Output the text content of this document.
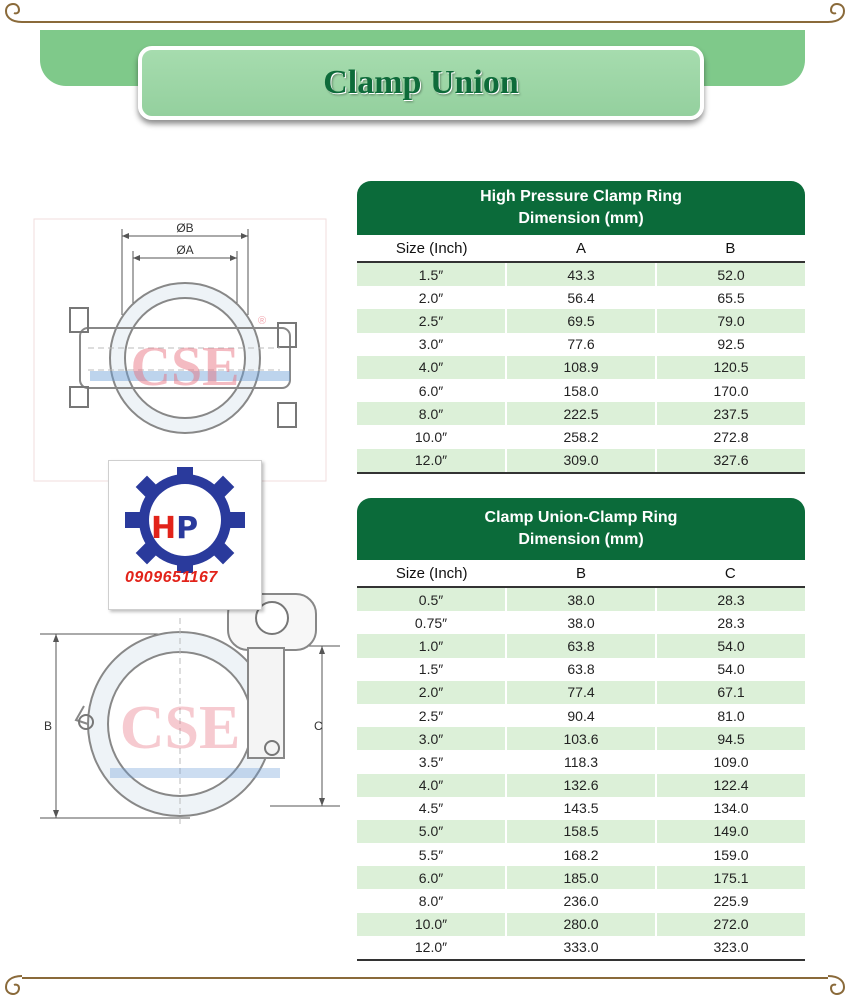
Clamp Union
ØB
ØA
CSE
®
B	C
CSE
HP
0909651167
High Pressure Clamp Ring
Dimension (mm)
Size (Inch)	A	B
1.5″	43.3	52.0
2.0″	56.4	65.5
2.5″	69.5	79.0
3.0″	77.6	92.5
4.0″	108.9	120.5
6.0″	158.0	170.0
8.0″	222.5	237.5
10.0″	258.2	272.8
12.0″	309.0	327.6
Clamp Union-Clamp Ring
Dimension (mm)
Size (Inch)	B	C
0.5″	38.0	28.3
0.75″	38.0	28.3
1.0″	63.8	54.0
1.5″	63.8	54.0
2.0″	77.4	67.1
2.5″	90.4	81.0
3.0″	103.6	94.5
3.5″	118.3	109.0
4.0″	132.6	122.4
4.5″	143.5	134.0
5.0″	158.5	149.0
5.5″	168.2	159.0
6.0″	185.0	175.1
8.0″	236.0	225.9
10.0″	280.0	272.0
12.0″	333.0	323.0
